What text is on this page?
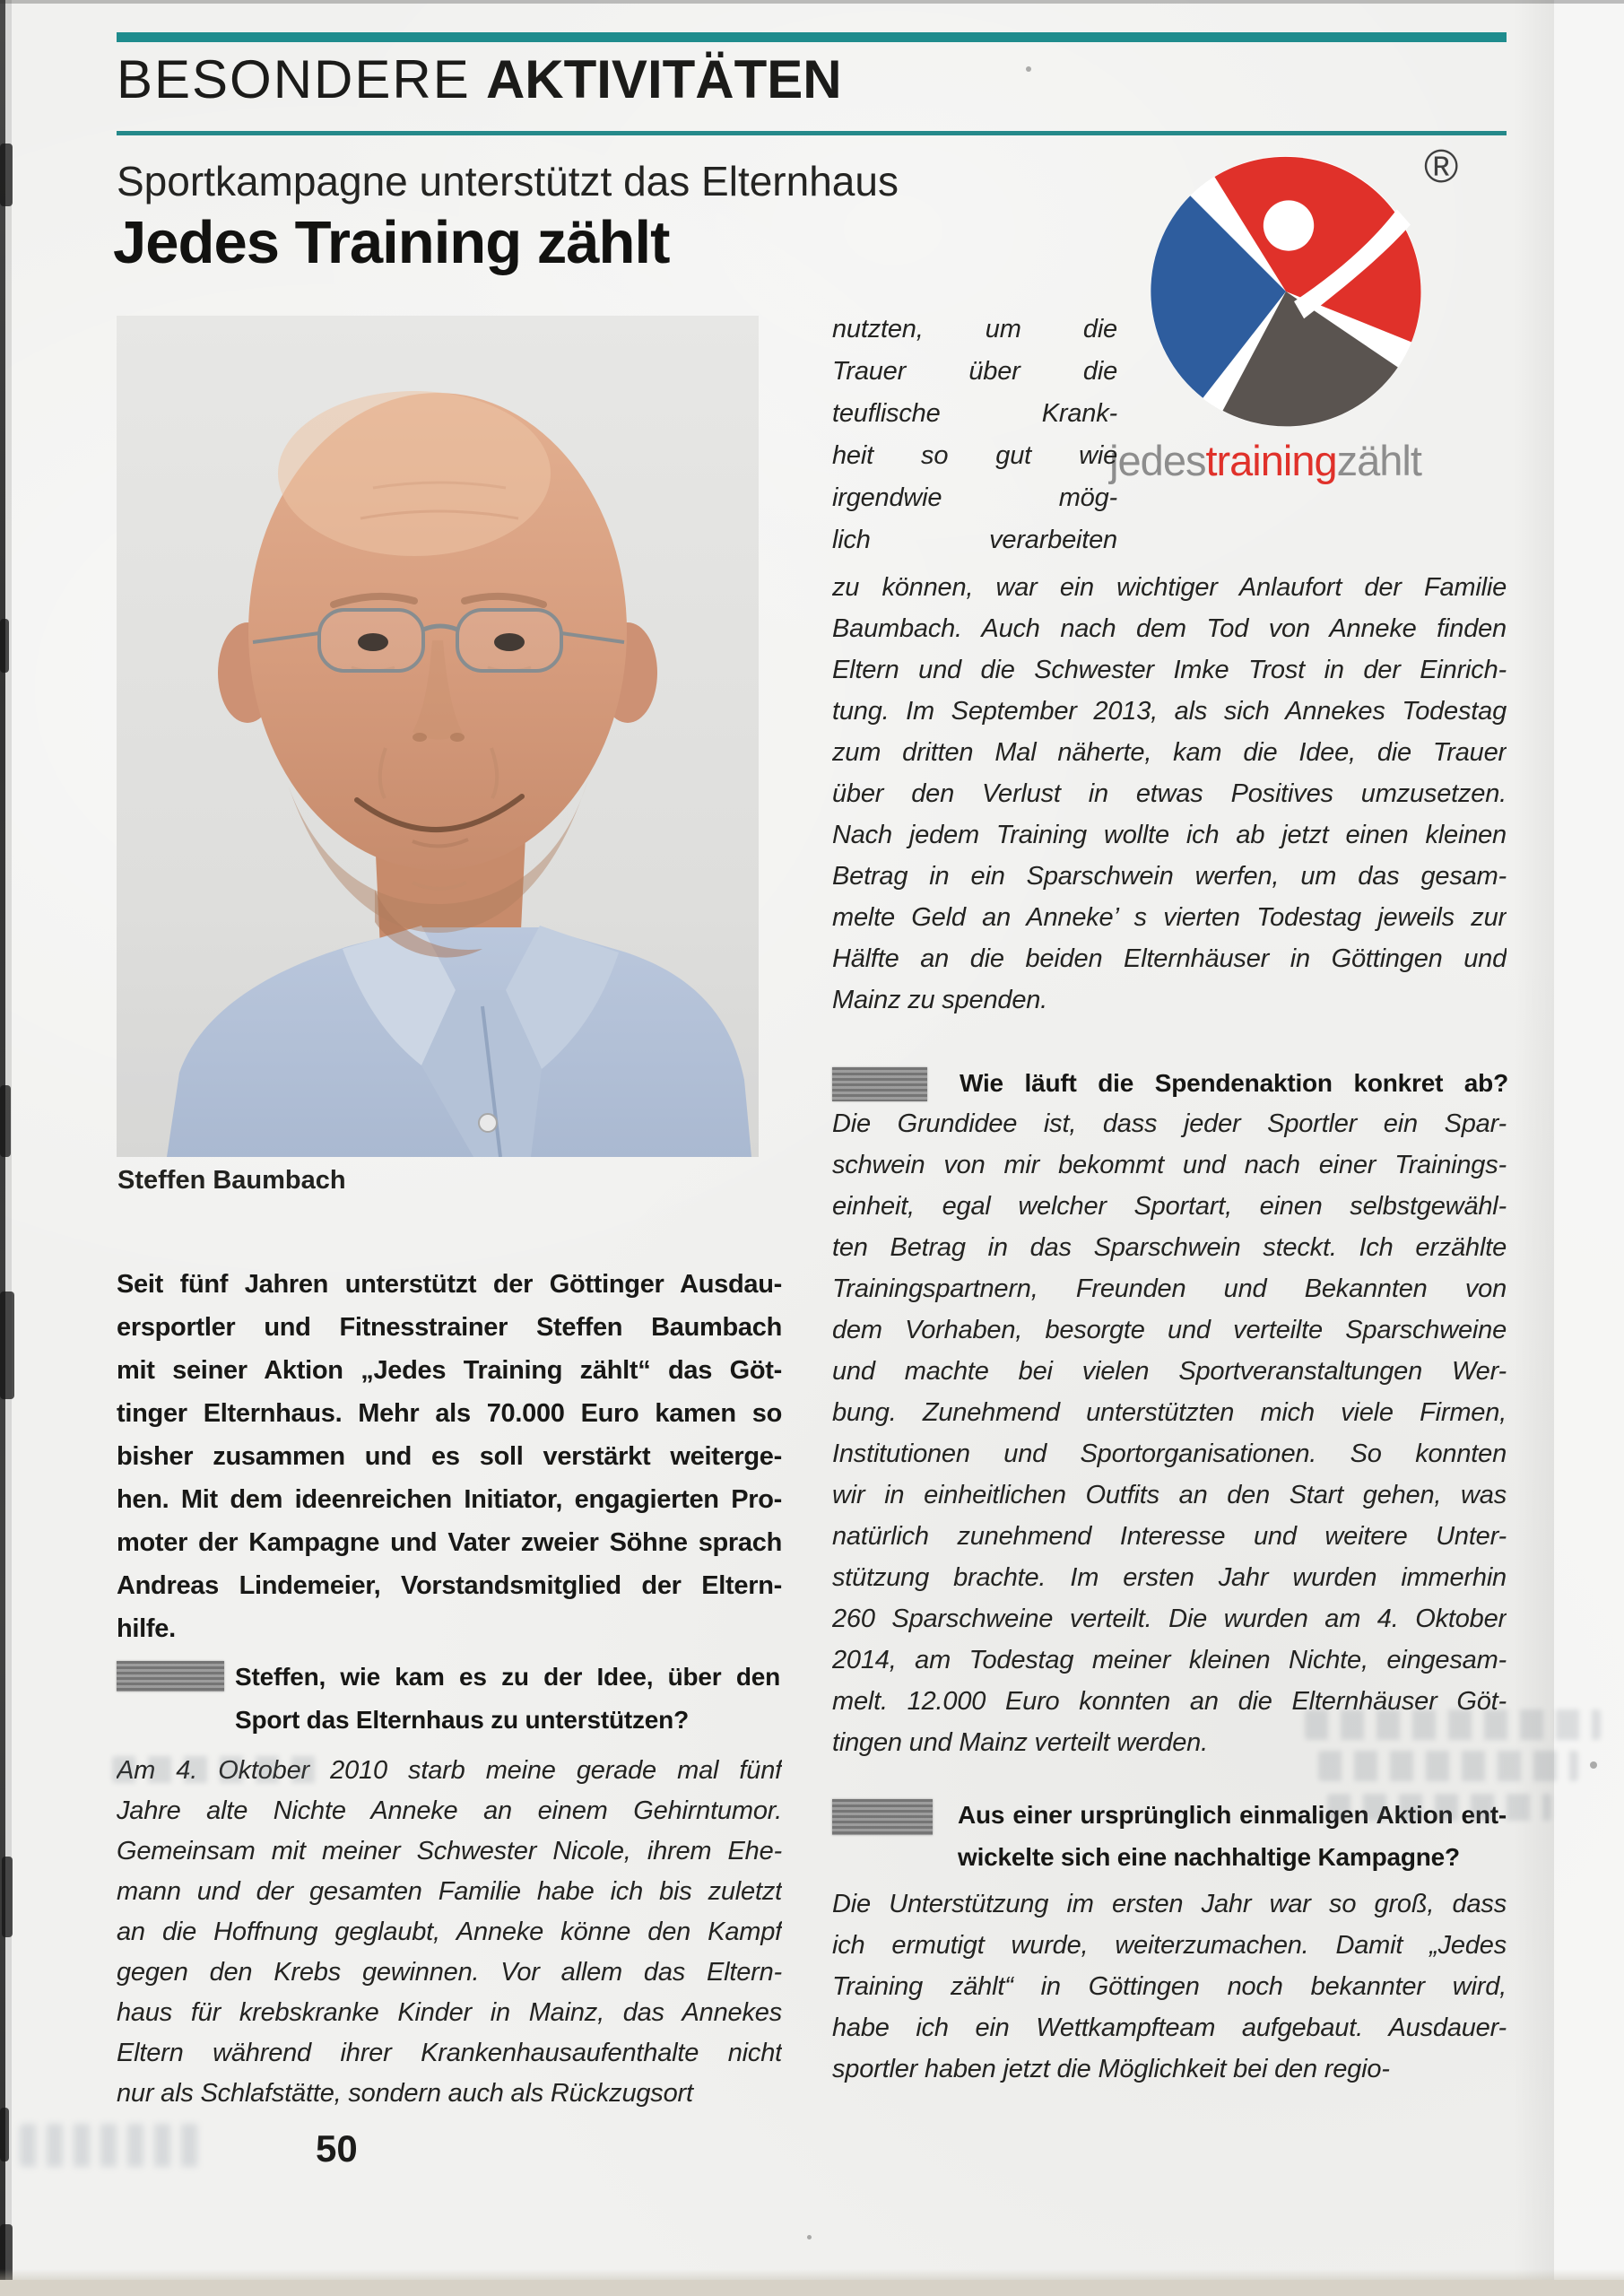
BESONDERE AKTIVITÄTEN
Sportkampagne unterstützt das Elternhaus
Jedes Training zählt
®
jedestrainingzählt
Steffen Baumbach
Seit fünf Jahren unterstützt der Göttinger Ausdau-
ersportler und Fitnesstrainer Steffen Baumbach
mit seiner Aktion „Jedes Training zählt“ das Göt-
tinger Elternhaus. Mehr als 70.000 Euro kamen so
bisher zusammen und es soll verstärkt weiterge-
hen. Mit dem ideenreichen Initiator, engagierten Pro-
moter der Kampagne und Vater zweier Söhne sprach
Andreas Lindemeier, Vorstandsmitglied der Eltern-
hilfe.
Steffen, wie kam es zu der Idee, über den
Sport das Elternhaus zu unterstützen?
Am 4. Oktober 2010 starb meine gerade mal fünf
Jahre alte Nichte Anneke an einem Gehirntumor.
Gemeinsam mit meiner Schwester Nicole, ihrem Ehe-
mann und der gesamten Familie habe ich bis zuletzt
an die Hoffnung geglaubt, Anneke könne den Kampf
gegen den Krebs gewinnen. Vor allem das Eltern-
haus für krebskranke Kinder in Mainz, das Annekes
Eltern während ihrer Krankenhausaufenthalte nicht
nur als Schlafstätte, sondern auch als Rückzugsort
50
nutzten, um die
Trauer über die
teuflische Krank-
heit so gut wie
irgendwie mög-
lich verarbeiten
zu können, war ein wichtiger Anlaufort der Familie
Baumbach. Auch nach dem Tod von Anneke finden
Eltern und die Schwester Imke Trost in der Einrich-
tung. Im September 2013, als sich Annekes Todestag
zum dritten Mal näherte, kam die Idee, die Trauer
über den Verlust in etwas Positives umzusetzen.
Nach jedem Training wollte ich ab jetzt einen kleinen
Betrag in ein Sparschwein werfen, um das gesam-
melte Geld an Anneke’ s vierten Todestag jeweils zur
Hälfte an die beiden Elternhäuser in Göttingen und
Mainz zu spenden.
Wie läuft die Spendenaktion konkret ab?
Die Grundidee ist, dass jeder Sportler ein Spar-
schwein von mir bekommt und nach einer Trainings-
einheit, egal welcher Sportart, einen selbstgewähl-
ten Betrag in das Sparschwein steckt. Ich erzählte
Trainingspartnern, Freunden und Bekannten von
dem Vorhaben, besorgte und verteilte Sparschweine
und machte bei vielen Sportveranstaltungen Wer-
bung. Zunehmend unterstützten mich viele Firmen,
Institutionen und Sportorganisationen. So konnten
wir in einheitlichen Outfits an den Start gehen, was
natürlich zunehmend Interesse und weitere Unter-
stützung brachte. Im ersten Jahr wurden immerhin
260 Sparschweine verteilt. Die wurden am 4. Oktober
2014, am Todestag meiner kleinen Nichte, eingesam-
melt. 12.000 Euro konnten an die Elternhäuser Göt-
tingen und Mainz verteilt werden.
Aus einer ursprünglich einmaligen Aktion ent-
wickelte sich eine nachhaltige Kampagne?
Die Unterstützung im ersten Jahr war so groß, dass
ich ermutigt wurde, weiterzumachen. Damit „Jedes
Training zählt“ in Göttingen noch bekannter wird,
habe ich ein Wettkampfteam aufgebaut. Ausdauer-
sportler haben jetzt die Möglichkeit bei den regio-
